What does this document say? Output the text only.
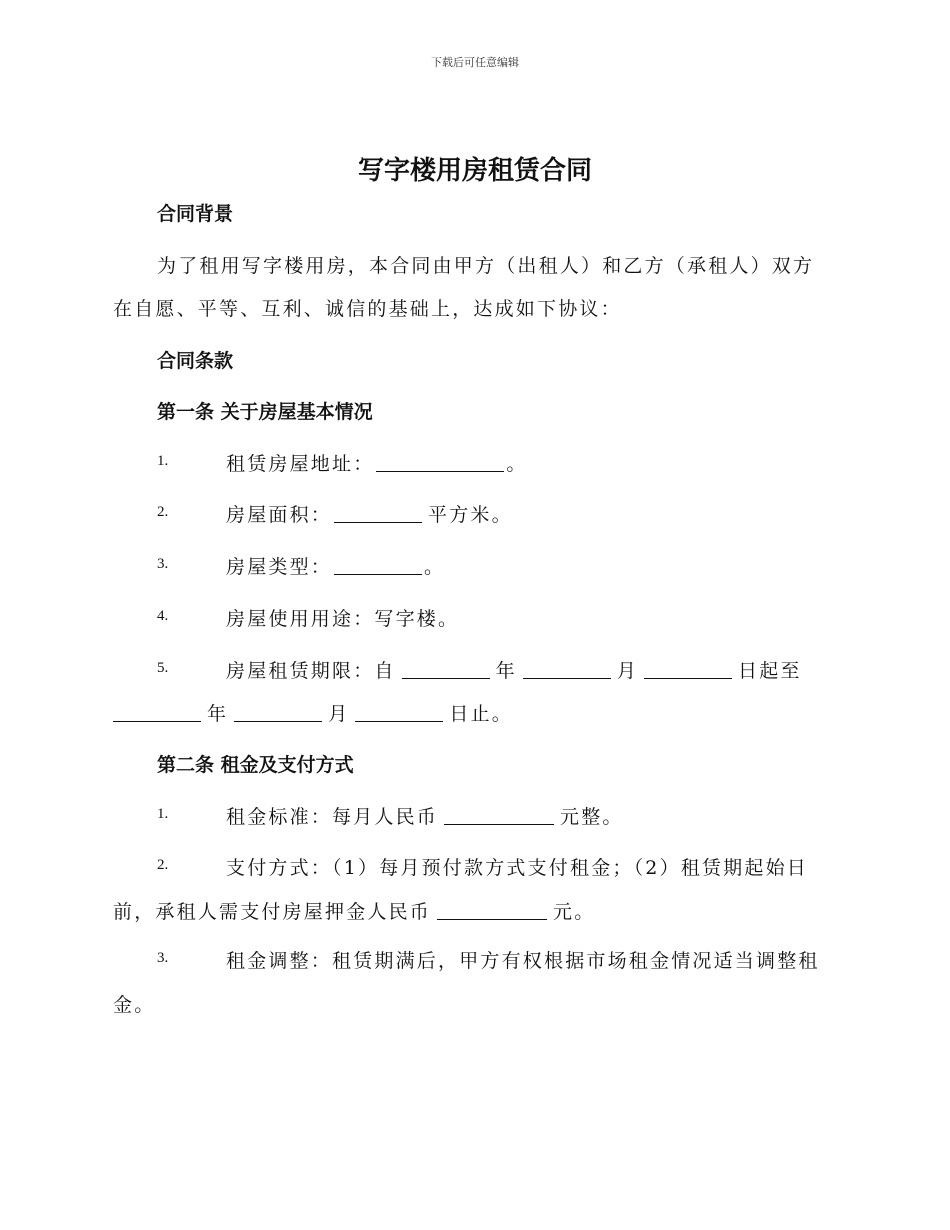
下载后可任意编辑
写字楼用房租赁合同
合同背景
为了租用写字楼用房，本合同由甲方（出租人）和乙方（承租人）双方
在自愿、平等、互利、诚信的基础上，达成如下协议：
合同条款
第一条 关于房屋基本情况
1.	租赁房屋地址：	。
2.	房屋面积：	平方米。
3.	房屋类型：	。
4.	房屋使用用途：写字楼。
5.	房屋租赁期限：自	年	月	日起至
年	月	日止。
第二条 租金及支付方式
1.	租金标准：每月人民币	元整。
2.	支付方式：（1）每月预付款方式支付租金；（2）租赁期起始日
前，承租人需支付房屋押金人民币	元。
3.	租金调整：租赁期满后，甲方有权根据市场租金情况适当调整租
金。
